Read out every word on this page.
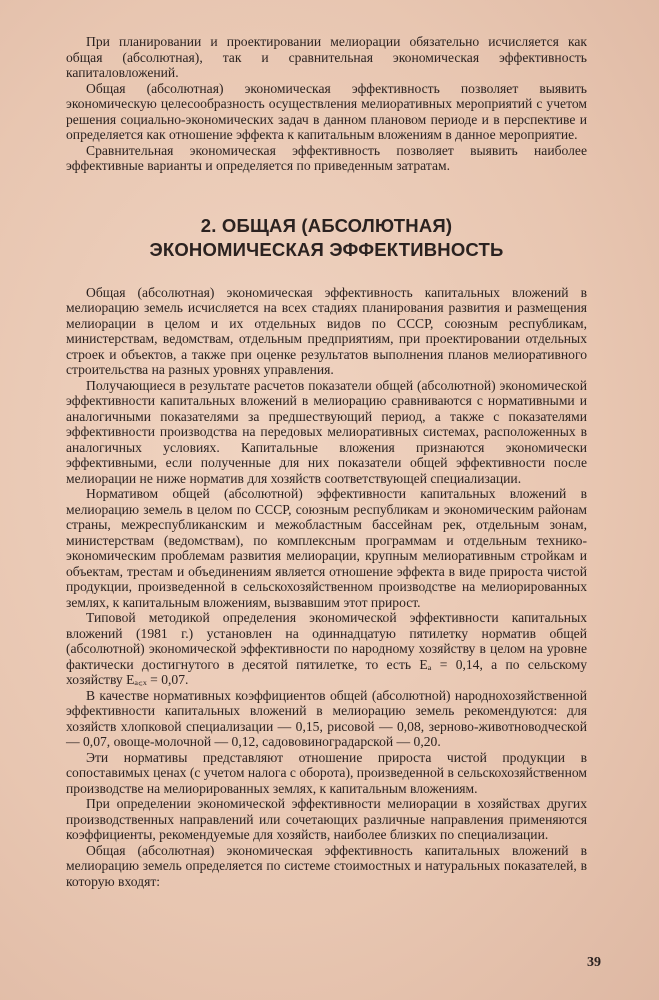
При планировании и проектировании мелиорации обязательно исчисляется как общая (абсолютная), так и сравнительная экономическая эффективность капиталовложений.

Общая (абсолютная) экономическая эффективность позволяет выявить экономическую целесообразность осуществления мелиоративных мероприятий с учетом решения социально-экономических задач в данном плановом периоде и в перспективе и определяется как отношение эффекта к капитальным вложениям в данное мероприятие.

Сравнительная экономическая эффективность позволяет выявить наиболее эффективные варианты и определяется по приведенным затратам.

2. ОБЩАЯ (АБСОЛЮТНАЯ)
ЭКОНОМИЧЕСКАЯ ЭФФЕКТИВНОСТЬ

Общая (абсолютная) экономическая эффективность капитальных вложений в мелиорацию земель исчисляется на всех стадиях планирования развития и размещения мелиорации в целом и их отдельных видов по СССР, союзным республикам, министерствам, ведомствам, отдельным предприятиям, при проектировании отдельных строек и объектов, а также при оценке результатов выполнения планов мелиоративного строительства на разных уровнях управления.

Получающиеся в результате расчетов показатели общей (абсолютной) экономической эффективности капитальных вложений в мелиорацию сравниваются с нормативными и аналогичными показателями за предшествующий период, а также с показателями эффективности производства на передовых мелиоративных системах, расположенных в аналогичных условиях. Капитальные вложения признаются экономически эффективными, если полученные для них показатели общей эффективности после мелиорации не ниже норматив для хозяйств соответствующей специализации.

Нормативом общей (абсолютной) эффективности капитальных вложений в мелиорацию земель в целом по СССР, союзным республикам и экономическим районам страны, межреспубликанским и межобластным бассейнам рек, отдельным зонам, министерствам (ведомствам), по комплексным программам и отдельным технико-экономическим проблемам развития мелиорации, крупным мелиоративным стройкам и объектам, трестам и объединениям является отношение эффекта в виде прироста чистой продукции, произведенной в сельскохозяйственном производстве на мелиорированных землях, к капитальным вложениям, вызвавшим этот прирост.

Типовой методикой определения экономической эффективности капитальных вложений (1981 г.) установлен на одиннадцатую пятилетку норматив общей (абсолютной) экономической эффективности по народному хозяйству в целом на уровне фактически достигнутого в десятой пятилетке, то есть Eₐ = 0,14, а по сельскому хозяйству Eₐ꜀ₓ = 0,07.

В качестве нормативных коэффициентов общей (абсолютной) народнохозяйственной эффективности капитальных вложений в мелиорацию земель рекомендуются: для хозяйств хлопковой специализации — 0,15, рисовой — 0,08, зерново-животноводческой — 0,07, овоще-молочной — 0,12, садововиноградарской — 0,20.

Эти нормативы представляют отношение прироста чистой продукции в сопоставимых ценах (с учетом налога с оборота), произведенной в сельскохозяйственном производстве на мелиорированных землях, к капитальным вложениям.

При определении экономической эффективности мелиорации в хозяйствах других производственных направлений или сочетающих различные направления применяются коэффициенты, рекомендуемые для хозяйств, наиболее близких по специализации.

Общая (абсолютная) экономическая эффективность капитальных вложений в мелиорацию земель определяется по системе стоимостных и натуральных показателей, в которую входят:

39
